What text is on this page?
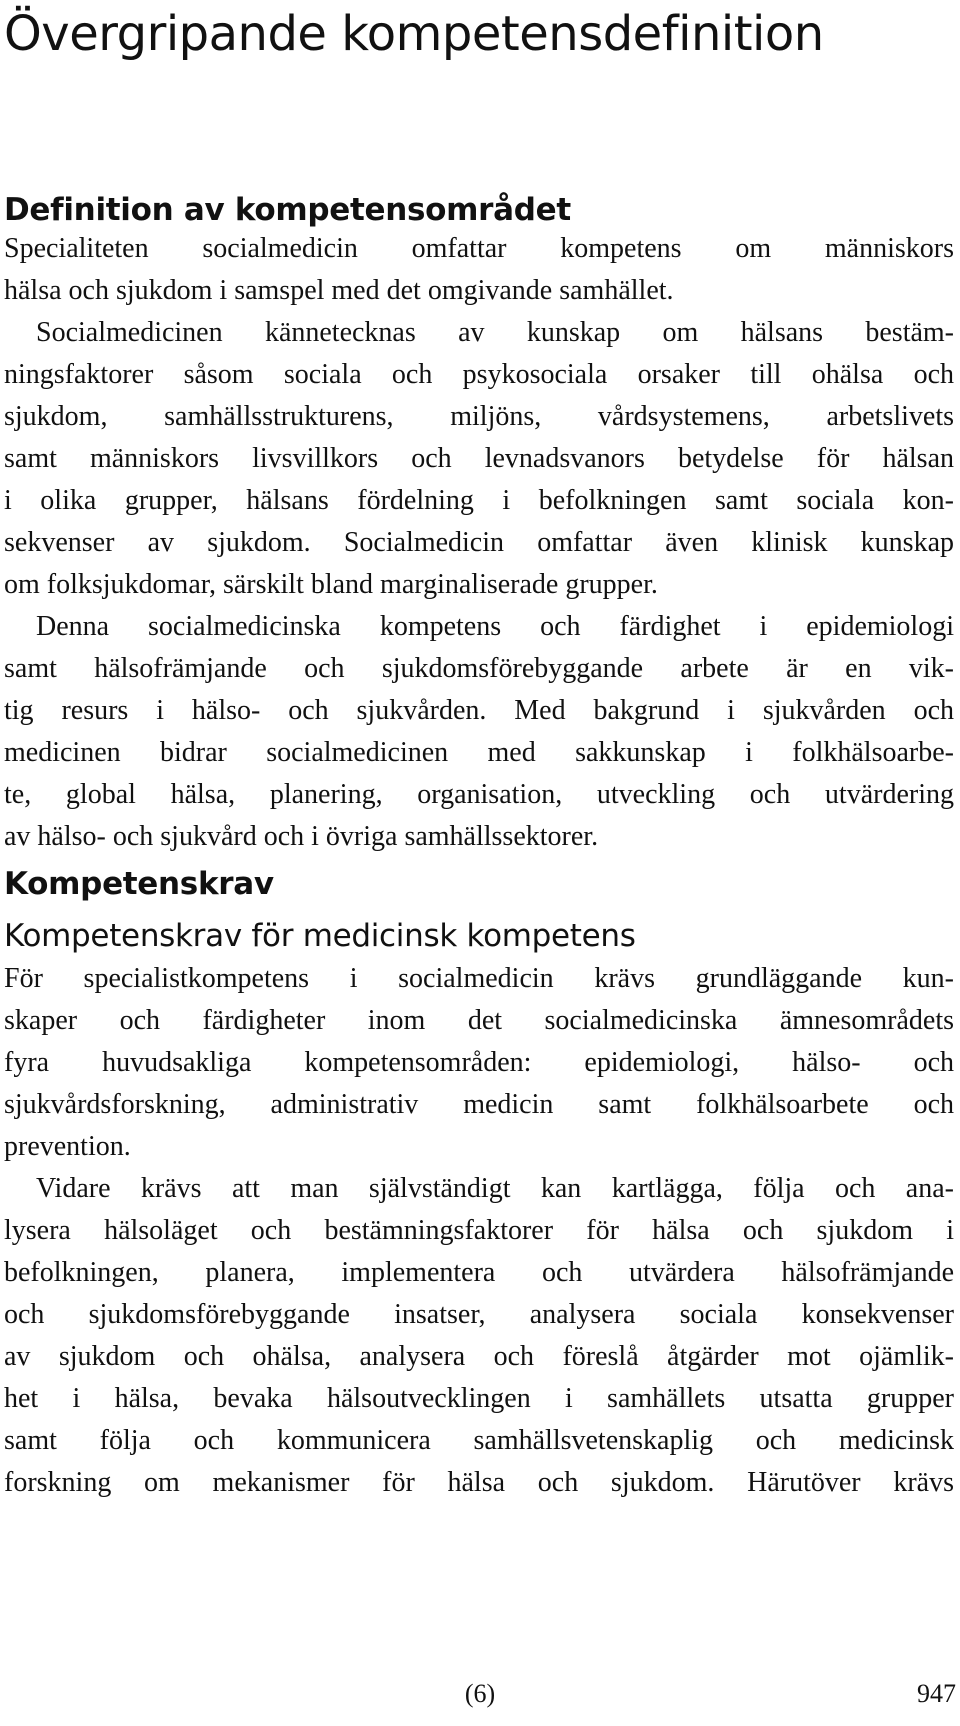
Övergripande kompetensdefinition
Definition av kompetensområdet
Specialiteten socialmedicin omfattar kompetens om människors
hälsa och sjukdom i samspel med det omgivande samhället.
Socialmedicinen kännetecknas av kunskap om hälsans bestäm-
ningsfaktorer såsom sociala och psykosociala orsaker till ohälsa och
sjukdom, samhällsstrukturens, miljöns, vårdsystemens, arbetslivets
samt människors livsvillkors och levnadsvanors betydelse för hälsan
i olika grupper, hälsans fördelning i befolkningen samt sociala kon-
sekvenser av sjukdom. Socialmedicin omfattar även klinisk kunskap
om folksjukdomar, särskilt bland marginaliserade grupper.
Denna socialmedicinska kompetens och färdighet i epidemiologi
samt hälsofrämjande och sjukdomsförebyggande arbete är en vik-
tig resurs i hälso- och sjukvården. Med bakgrund i sjukvården och
medicinen bidrar socialmedicinen med sakkunskap i folkhälsoarbe-
te, global hälsa, planering, organisation, utveckling och utvärdering
av hälso- och sjukvård och i övriga samhällssektorer.
Kompetenskrav
Kompetenskrav för medicinsk kompetens
För specialistkompetens i socialmedicin krävs grundläggande kun-
skaper och färdigheter inom det socialmedicinska ämnesområdets
fyra huvudsakliga kompetensområden: epidemiologi, hälso- och
sjukvårdsforskning, administrativ medicin samt folkhälsoarbete och
prevention.
Vidare krävs att man självständigt kan kartlägga, följa och ana-
lysera hälsoläget och bestämningsfaktorer för hälsa och sjukdom i
befolkningen, planera, implementera och utvärdera hälsofrämjande
och sjukdomsförebyggande insatser, analysera sociala konsekvenser
av sjukdom och ohälsa, analysera och föreslå åtgärder mot ojämlik-
het i hälsa, bevaka hälsoutvecklingen i samhällets utsatta grupper
samt följa och kommunicera samhällsvetenskaplig och medicinsk
forskning om mekanismer för hälsa och sjukdom. Härutöver krävs
(6)	947
